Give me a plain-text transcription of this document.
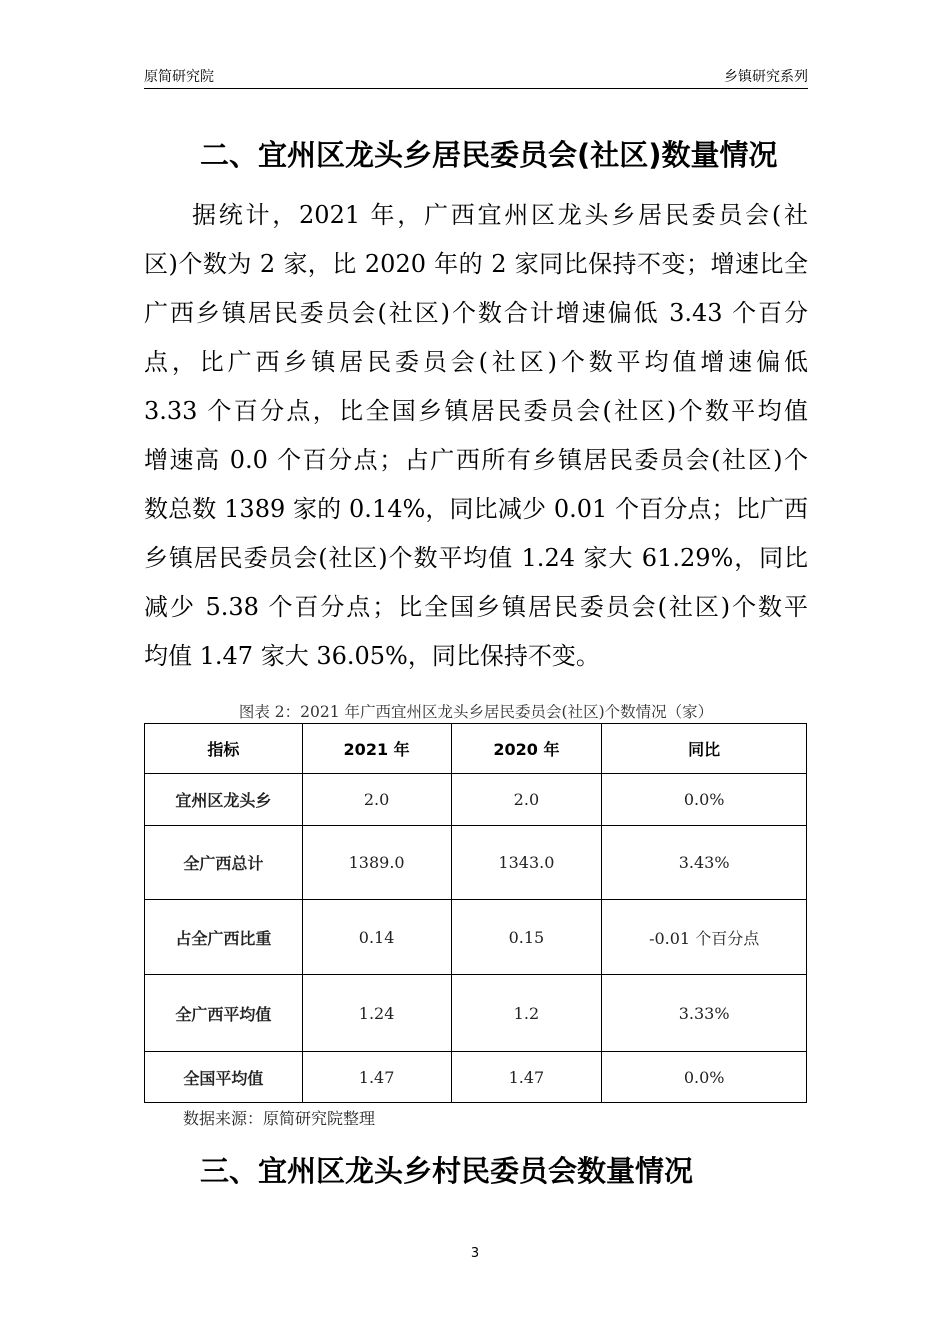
原简研究院	乡镇研究系列
二、宜州区龙头乡居民委员会(社区)数量情况
据统计，2021 年，广西宜州区龙头乡居民委员会(社
区)个数为 2 家，比 2020 年的 2 家同比保持不变；增速比全
广西乡镇居民委员会(社区)个数合计增速偏低 3.43 个百分
点，比广西乡镇居民委员会(社区)个数平均值增速偏低
3.33 个百分点，比全国乡镇居民委员会(社区)个数平均值
增速高 0.0 个百分点；占广西所有乡镇居民委员会(社区)个
数总数 1389 家的 0.14%，同比减少 0.01 个百分点；比广西
乡镇居民委员会(社区)个数平均值 1.24 家大 61.29%，同比
减少 5.38 个百分点；比全国乡镇居民委员会(社区)个数平
均值 1.47 家大 36.05%，同比保持不变。
图表 2：2021 年广西宜州区龙头乡居民委员会(社区)个数情况（家）
指标	2021 年	2020 年	同比
宜州区龙头乡	2.0	2.0	0.0%
全广西总计	1389.0	1343.0	3.43%
占全广西比重	0.14	0.15	-0.01 个百分点
全广西平均值	1.24	1.2	3.33%
全国平均值	1.47	1.47	0.0%
数据来源：原简研究院整理
三、宜州区龙头乡村民委员会数量情况
3
